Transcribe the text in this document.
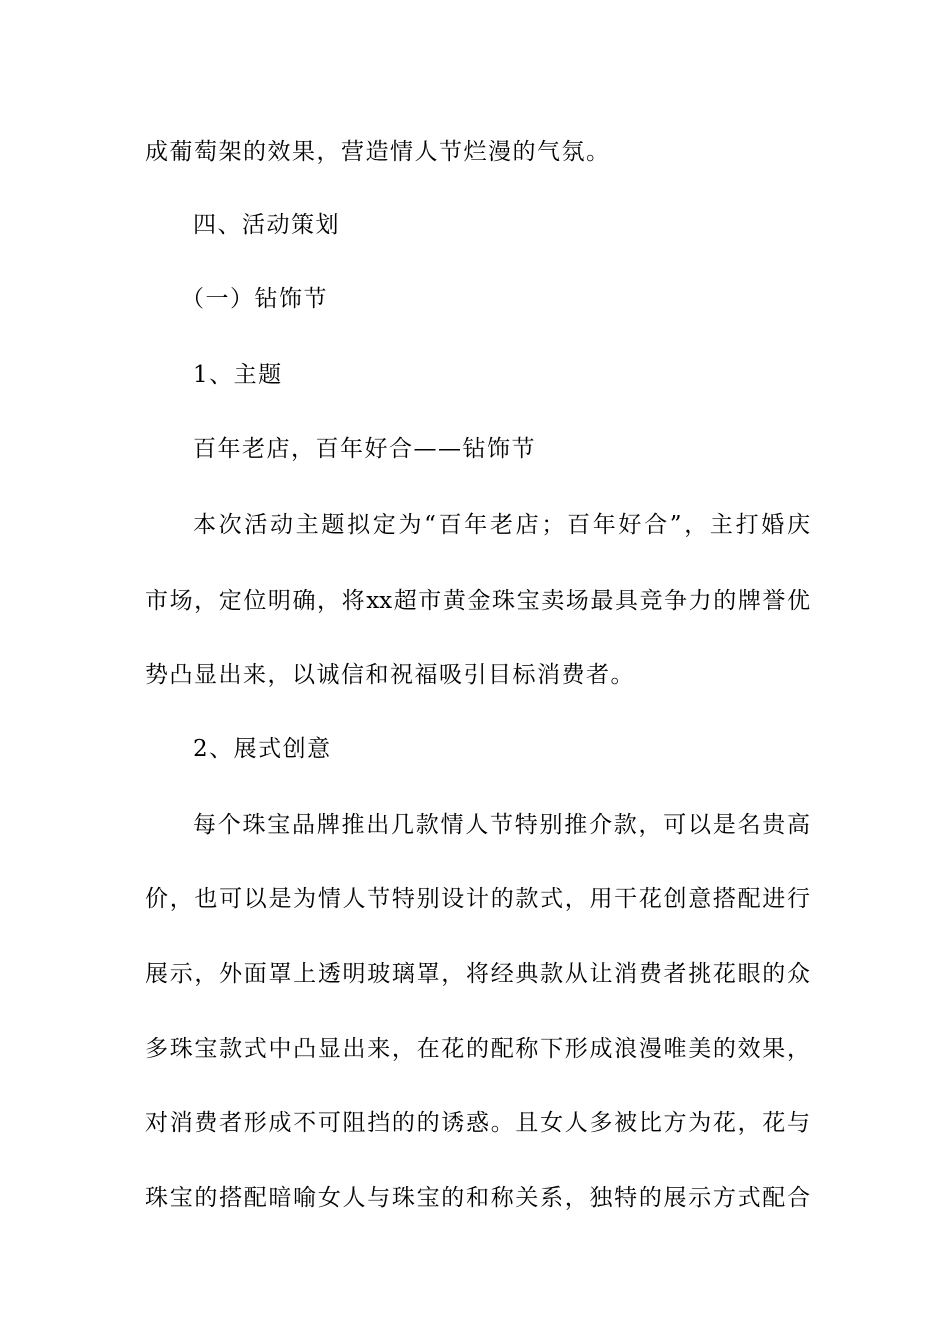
成葡萄架的效果，营造情人节烂漫的气氛。
四、活动策划
（一）钻饰节
1、主题
百年老店，百年好合——钻饰节
本次活动主题拟定为“百年老店；百年好合”，主打婚庆
市场，定位明确，将xx超市黄金珠宝卖场最具竞争力的牌誉优
势凸显出来，以诚信和祝福吸引目标消费者。
2、展式创意
每个珠宝品牌推出几款情人节特别推介款，可以是名贵高
价，也可以是为情人节特别设计的款式，用干花创意搭配进行
展示，外面罩上透明玻璃罩，将经典款从让消费者挑花眼的众
多珠宝款式中凸显出来，在花的配称下形成浪漫唯美的效果，
对消费者形成不可阻挡的的诱惑。且女人多被比方为花，花与
珠宝的搭配暗喻女人与珠宝的和称关系，独特的展示方式配合
